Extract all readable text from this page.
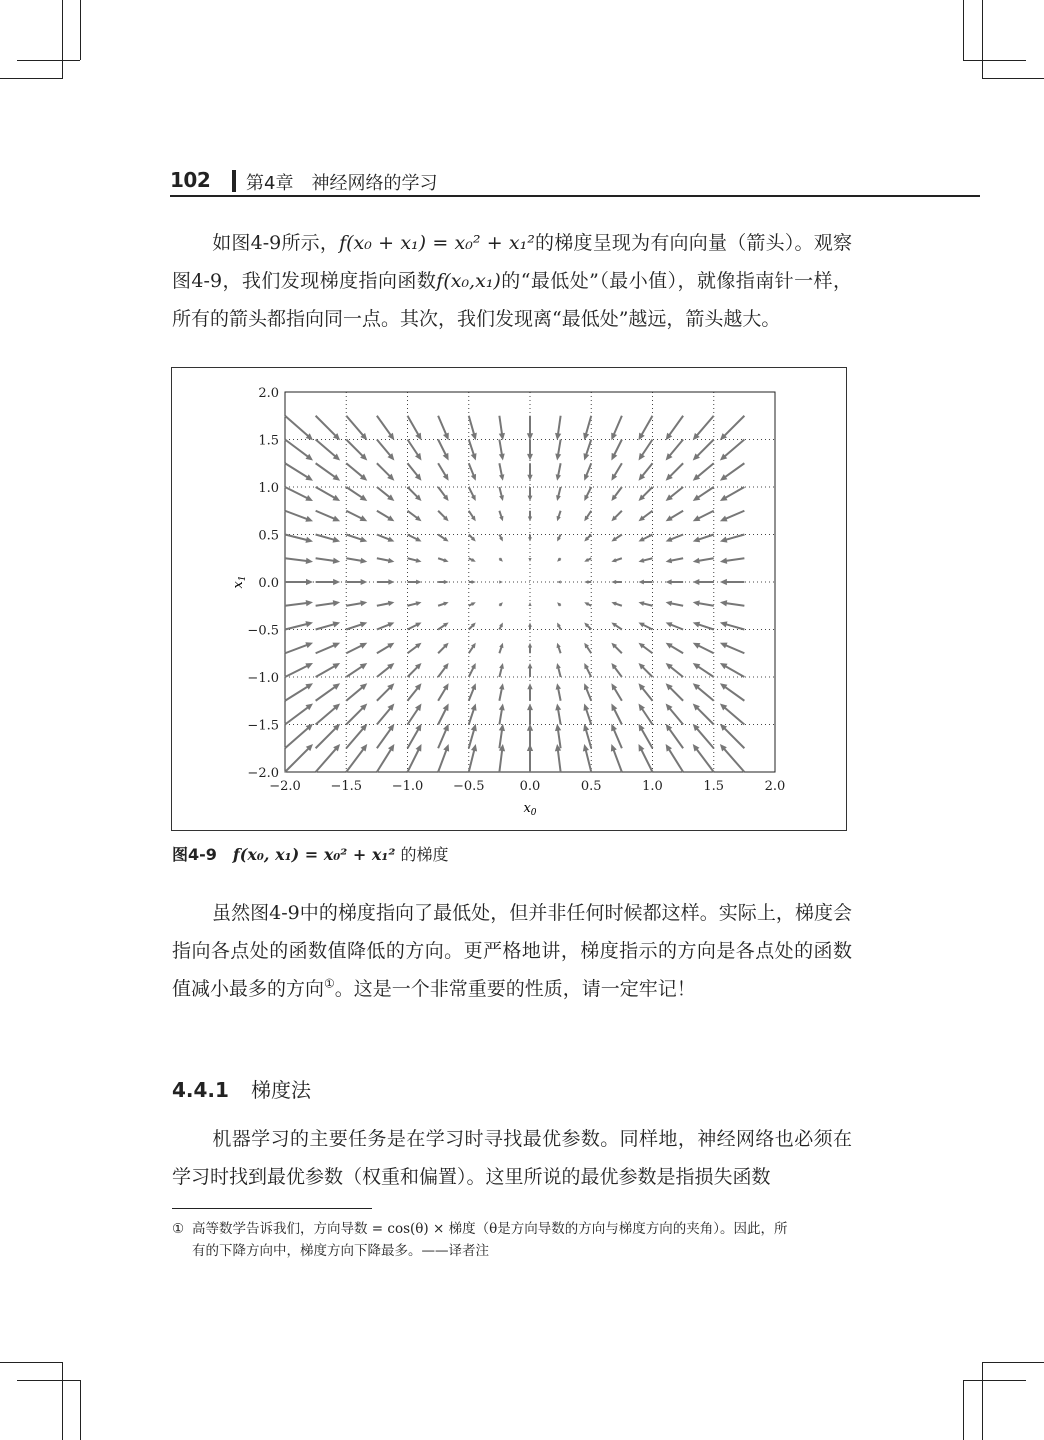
102 第4章　神经网络的学习

如图4-9所示，f(x₀ + x₁) = x₀² + x₁²的梯度呈现为有向向量（箭头）。观察图4-9，我们发现梯度指向函数f(x₀,x₁)的“最低处”（最小值），就像指南针一样，所有的箭头都指向同一点。其次，我们发现离“最低处”越远，箭头越大。

−2.0 −1.5 −1.0 −0.5	0.0	0.5	1.0	1.5	2.0
2.0
1.5
1.0
0.5
0.0
−0.5
−1.0
−1.5
−2.0
$x_0$
$x_1$
图4-9 f(x₀, x₁) = x₀² + x₁² 的梯度

虽然图4-9中的梯度指向了最低处，但并非任何时候都这样。实际上，梯度会指向各点处的函数值降低的方向。更严格地讲，梯度指示的方向是各点处的函数值减小最多的方向①。这是一个非常重要的性质，请一定牢记！

4.4.1 梯度法

机器学习的主要任务是在学习时寻找最优参数。同样地，神经网络也必须在学习时找到最优参数（权重和偏置）。这里所说的最优参数是指损失函数

① 高等数学告诉我们，方向导数 = cos(θ) × 梯度（θ是方向导数的方向与梯度方向的夹角）。因此，所
有的下降方向中，梯度方向下降最多。——译者注
